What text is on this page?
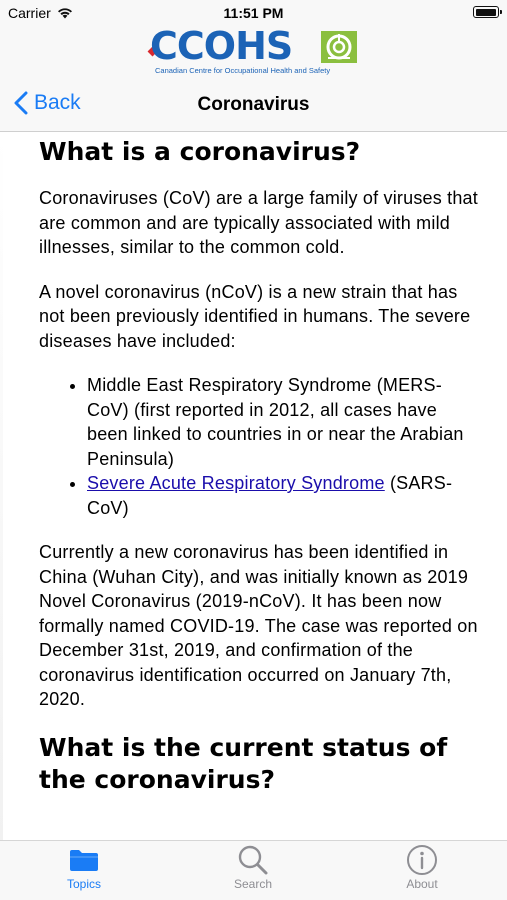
Carrier	11:51 PM
CCOHS
Canadian Centre for Occupational Health and Safety
Back	Coronavirus
What is a coronavirus?

Coronaviruses (CoV) are a large family of viruses that are common and are typically associated with mild illnesses, similar to the common cold.

A novel coronavirus (nCoV) is a new strain that has not been previously identified in humans. The severe diseases have included:

• Middle East Respiratory Syndrome (MERS-CoV) (first reported in 2012, all cases have been linked to countries in or near the Arabian Peninsula)
• Severe Acute Respiratory Syndrome (SARS-CoV)

Currently a new coronavirus has been identified in China (Wuhan City), and was initially known as 2019 Novel Coronavirus (2019-nCoV). It has been now formally named COVID-19. The case was reported on December 31st, 2019, and confirmation of the coronavirus identification occurred on January 7th, 2020.

What is the current status of the coronavirus?
Topics	Search	About
